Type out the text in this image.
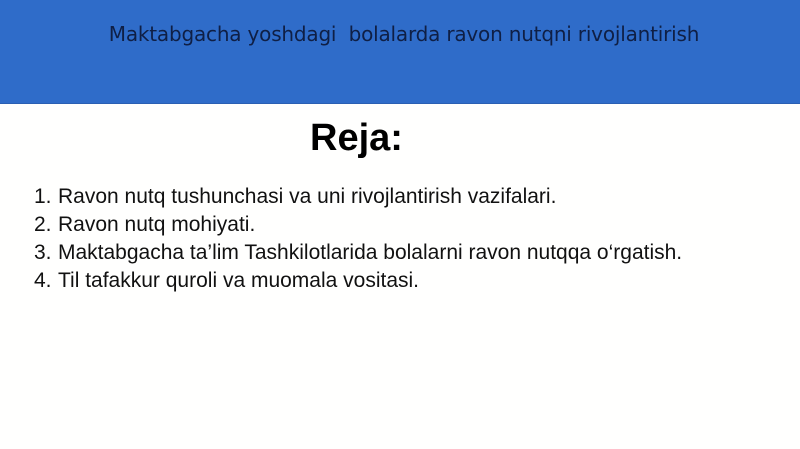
Maktabgacha yoshdagi  bolalarda ravon nutqni rivojlantirish
Reja:
1. Ravon nutq tushunchasi va uni rivojlantirish vazifalari.
2. Ravon nutq mohiyati.
3. Maktabgacha ta’lim Tashkilotlarida bolalarni ravon nutqqa o‘rgatish.
4. Til tafakkur quroli va muomala vositasi.
